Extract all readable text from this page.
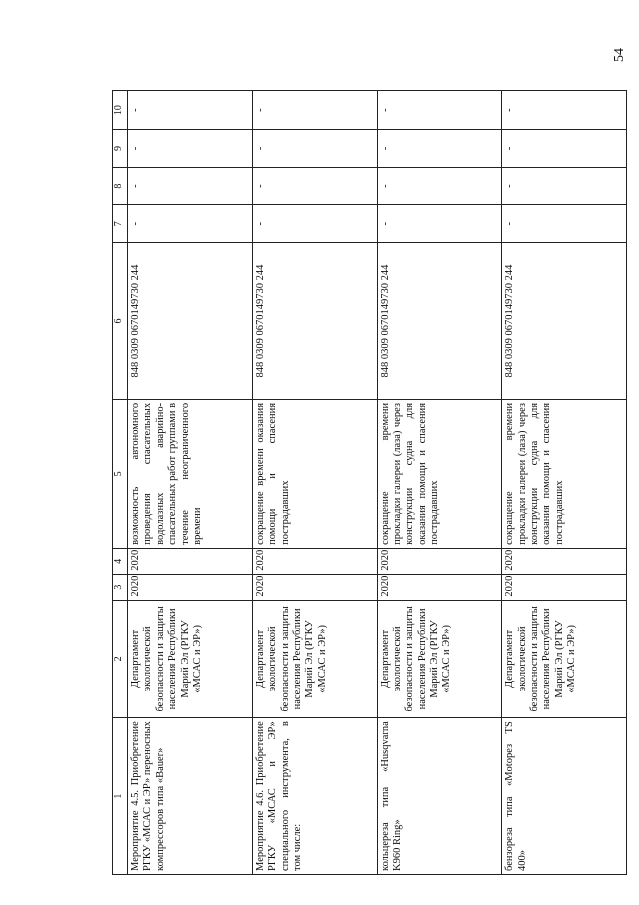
54
1	2	3	4	5	6	7	8	9	10
Мероприятие 4.5. Приобретение РГКУ «МСАС и ЭР» переносных компрессоров типа «Bauer»	Департамент экологической безопасности и защиты населения Республики Марий Эл (РГКУ «МСАС и ЭР»)	2020	2020	возможность автономного проведения спасательных водолазных аварийно-спасательных работ группами в течение неограниченного времени	848 0309 0670149730 244	-	-	-	-
Мероприятие 4.6. Приобретение РГКУ «МСАС и ЭР» специального инструмента, в том числе:	Департамент экологической безопасности и защиты населения Республики Марий Эл (РГКУ «МСАС и ЭР»)	2020	2020	сокращение времени оказания помощи и спасения пострадавших	848 0309 0670149730 244	-	-	-	-
кольцереза типа «Husqvarna K960 Ring»	Департамент экологической безопасности и защиты населения Республики Марий Эл (РГКУ «МСАС и ЭР»)	2020	2020	сокращение времени прокладки галереи (лаза) через конструкции судна для оказания помощи и спасения пострадавших	848 0309 0670149730 244	-	-	-	-
бензореза типа «Motopез TS 400»	Департамент экологической безопасности и защиты населения Республики Марий Эл (РГКУ «МСАС и ЭР»)	2020	2020	сокращение времени прокладки галереи (лаза) через конструкции судна для оказания помощи и спасения пострадавших	848 0309 0670149730 244	-	-	-	-
